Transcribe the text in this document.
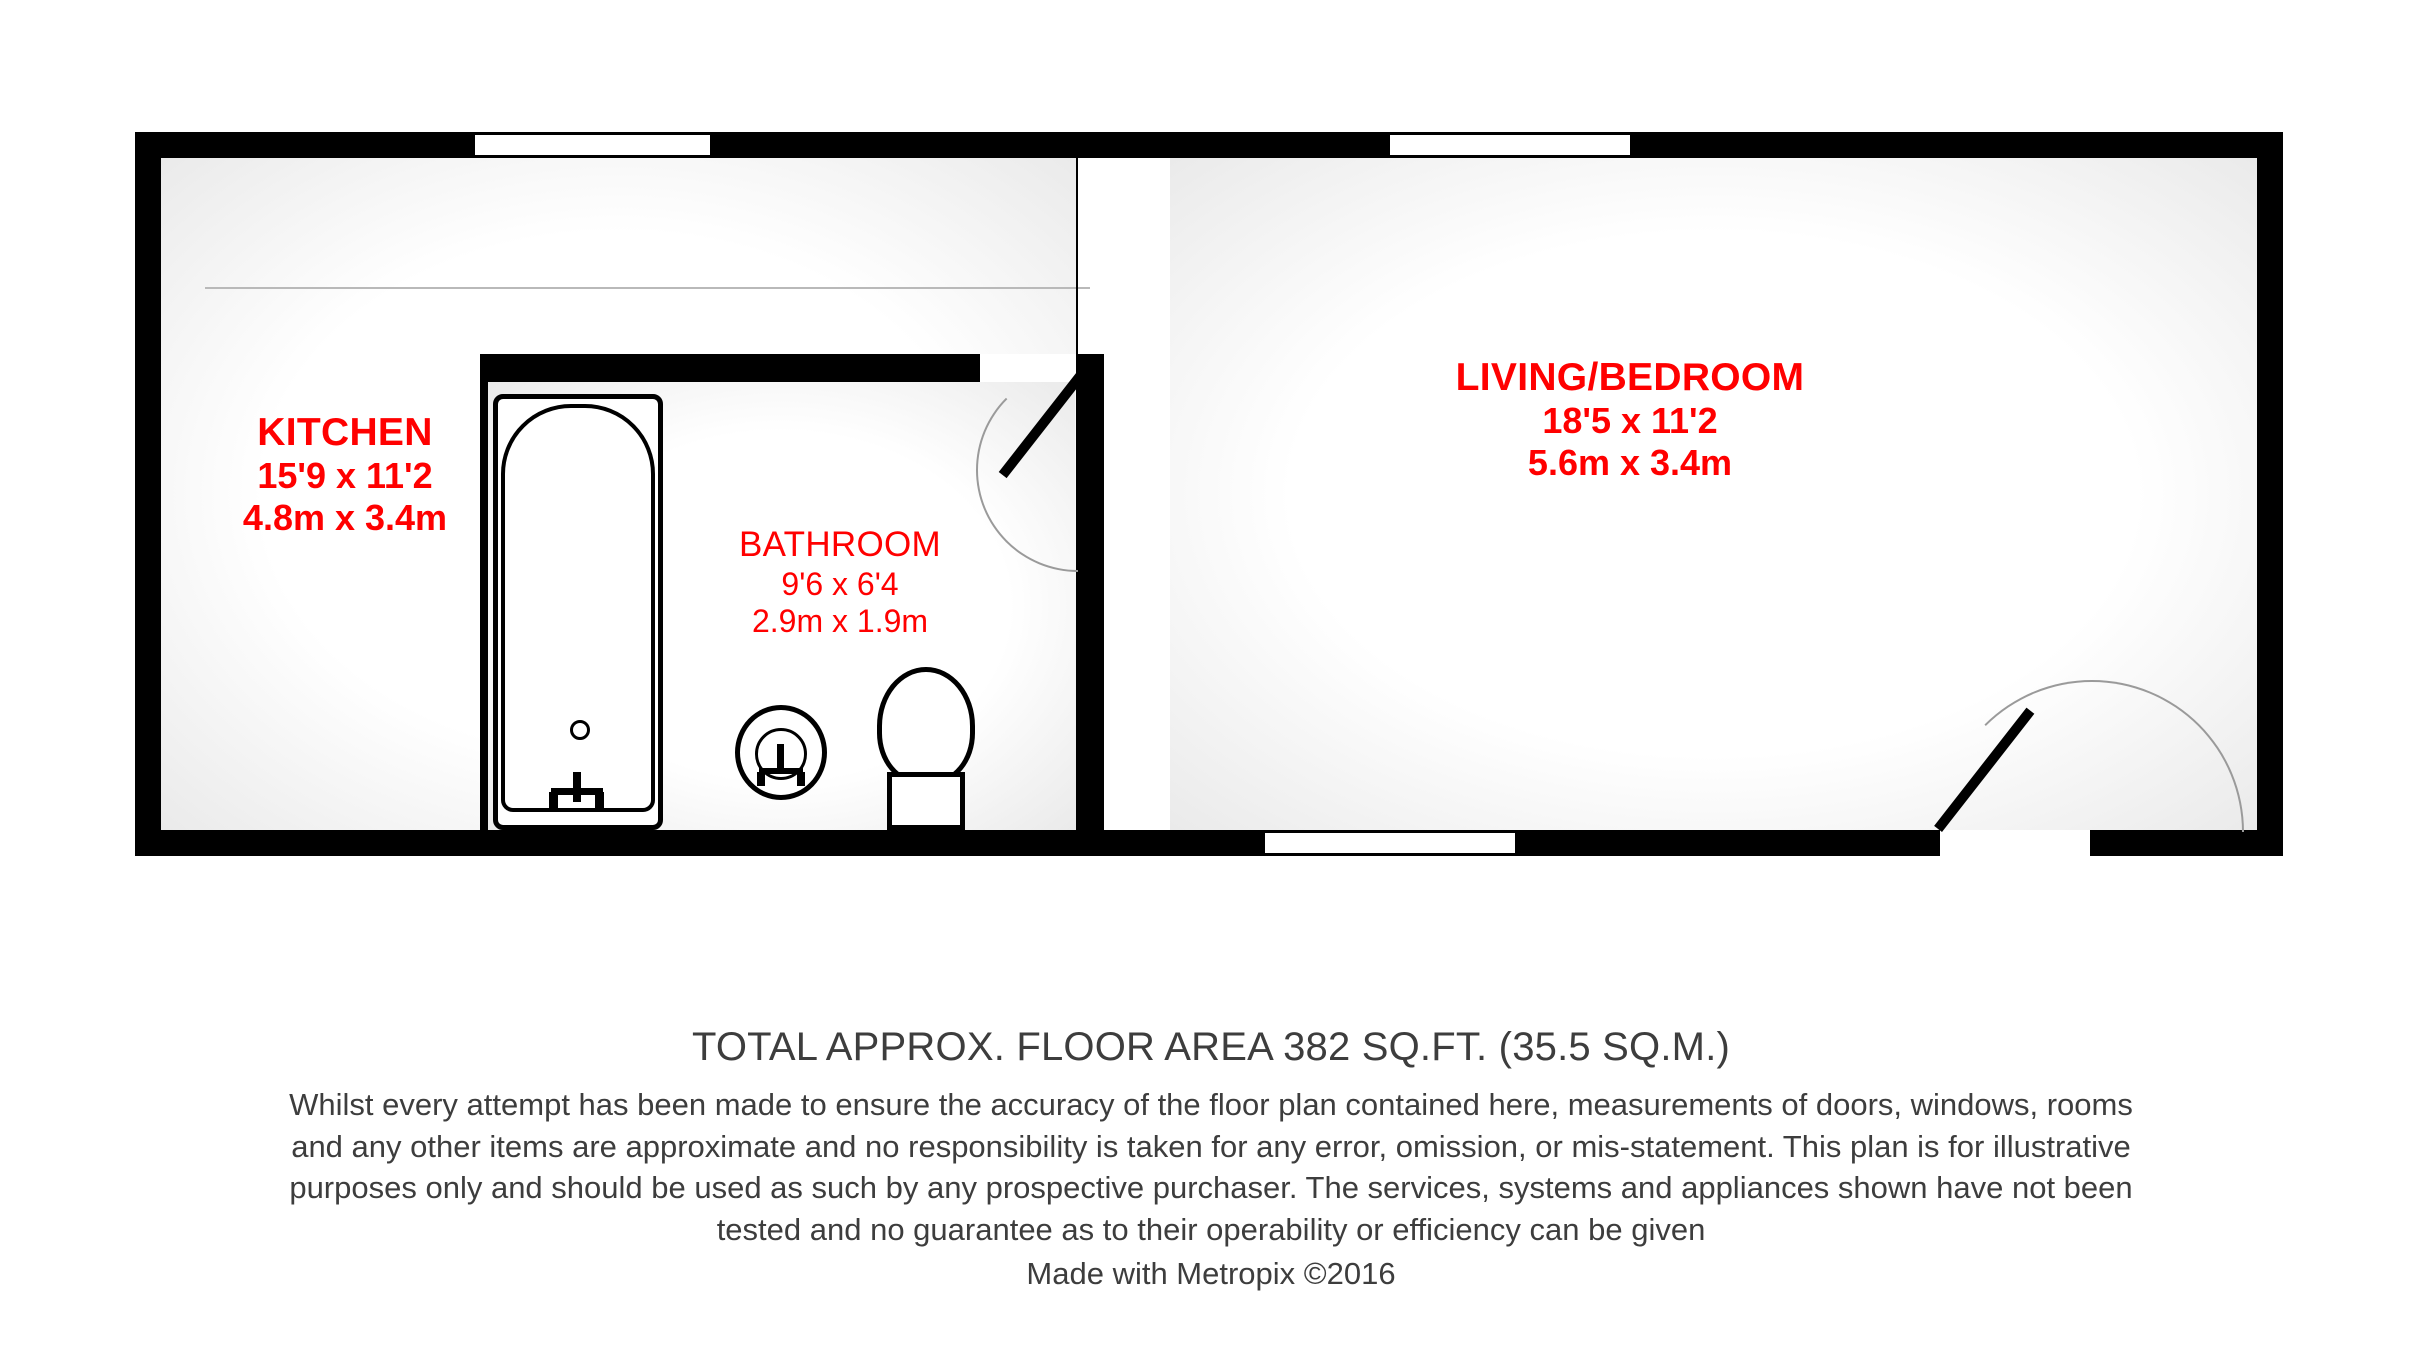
KITCHEN
15'9 x 11'2
4.8m x 3.4m
BATHROOM
9'6 x 6'4
2.9m x 1.9m
LIVING/BEDROOM
18'5 x 11'2
5.6m x 3.4m
TOTAL APPROX. FLOOR AREA 382 SQ.FT. (35.5 SQ.M.)
Whilst every attempt has been made to ensure the accuracy of the floor plan contained here, measurements of doors, windows, rooms and any other items are approximate and no responsibility is taken for any error, omission, or mis-statement. This plan is for illustrative purposes only and should be used as such by any prospective purchaser. The services, systems and appliances shown have not been tested and no guarantee as to their operability or efficiency can be given
Made with Metropix ©2016
